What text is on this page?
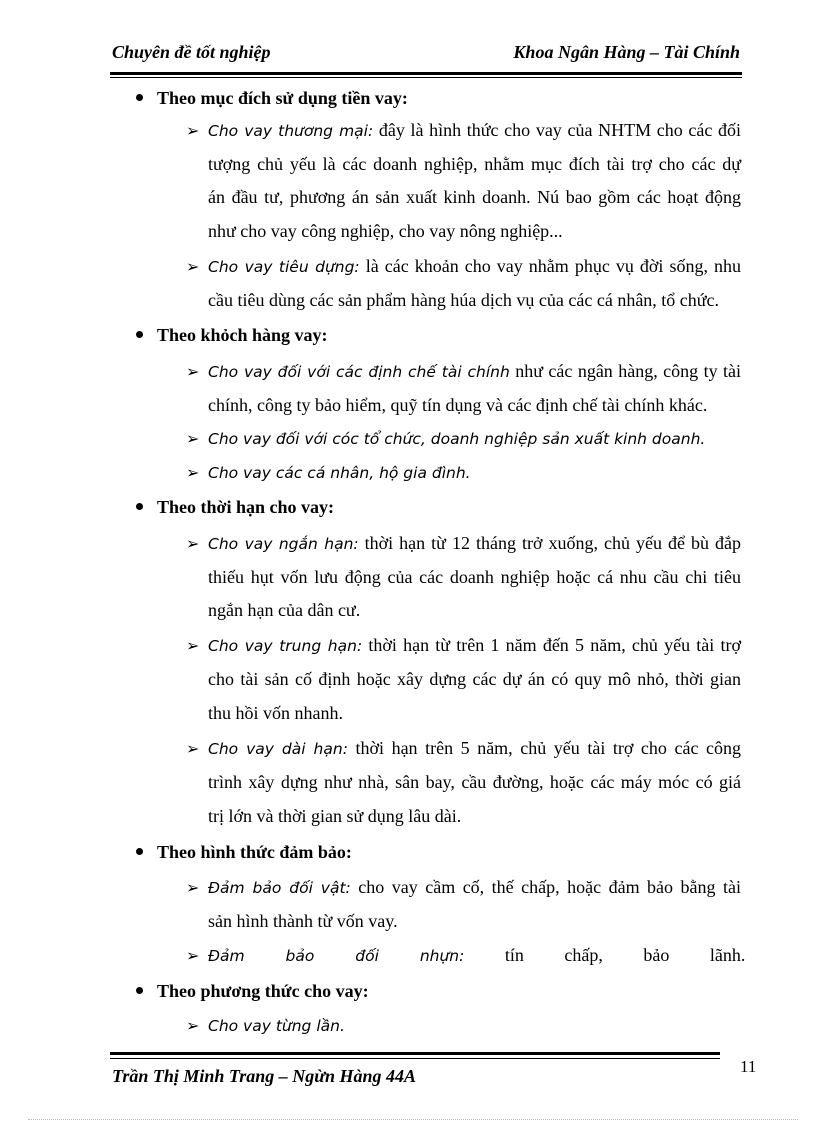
Chuyên đề tốt nghiệp	Khoa Ngân Hàng – Tài Chính
Theo mục đích sử dụng tiền vay:
➢ Cho vay thương mại: đây là hình thức cho vay của NHTM cho các đối
tượng chủ yếu là các doanh nghiệp, nhằm mục đích tài trợ cho các dự
án đầu tư, phương án sản xuất kinh doanh. Nú bao gồm các hoạt động
như cho vay công nghiệp, cho vay nông nghiệp...
➢ Cho vay tiêu dựng: là các khoản cho vay nhằm phục vụ đời sống, nhu
cầu tiêu dùng các sản phẩm hàng húa dịch vụ của các cá nhân, tổ chức.
Theo khỏch hàng vay:
➢ Cho vay đối với các định chế tài chính như các ngân hàng, công ty tài
chính, công ty bảo hiểm, quỹ tín dụng và các định chế tài chính khác.
➢ Cho vay đối với cóc tổ chức, doanh nghiệp sản xuất kinh doanh.
➢ Cho vay các cá nhân, hộ gia đình.
Theo thời hạn cho vay:
➢ Cho vay ngắn hạn: thời hạn từ 12 tháng trở xuống, chủ yếu để bù đắp
thiếu hụt vốn lưu động của các doanh nghiệp hoặc cá nhu cầu chi tiêu
ngắn hạn của dân cư.
➢ Cho vay trung hạn: thời hạn từ trên 1 năm đến 5 năm, chủ yếu tài trợ
cho tài sản cố định hoặc xây dựng các dự án có quy mô nhỏ, thời gian
thu hồi vốn nhanh.
➢ Cho vay dài hạn: thời hạn trên 5 năm, chủ yếu tài trợ cho các công
trình xây dựng như nhà, sân bay, cầu đường, hoặc các máy móc có giá
trị lớn và thời gian sử dụng lâu dài.
Theo hình thức đảm bảo:
➢ Đảm bảo đối vật: cho vay cầm cố, thế chấp, hoặc đảm bảo bằng tài
sản hình thành từ vốn vay.
➢ Đảm bảo đối nhựn: tín chấp, bảo lãnh.
Theo phương thức cho vay:
➢ Cho vay từng lần.
Trần Thị Minh Trang – Ngừn Hàng 44A	11
